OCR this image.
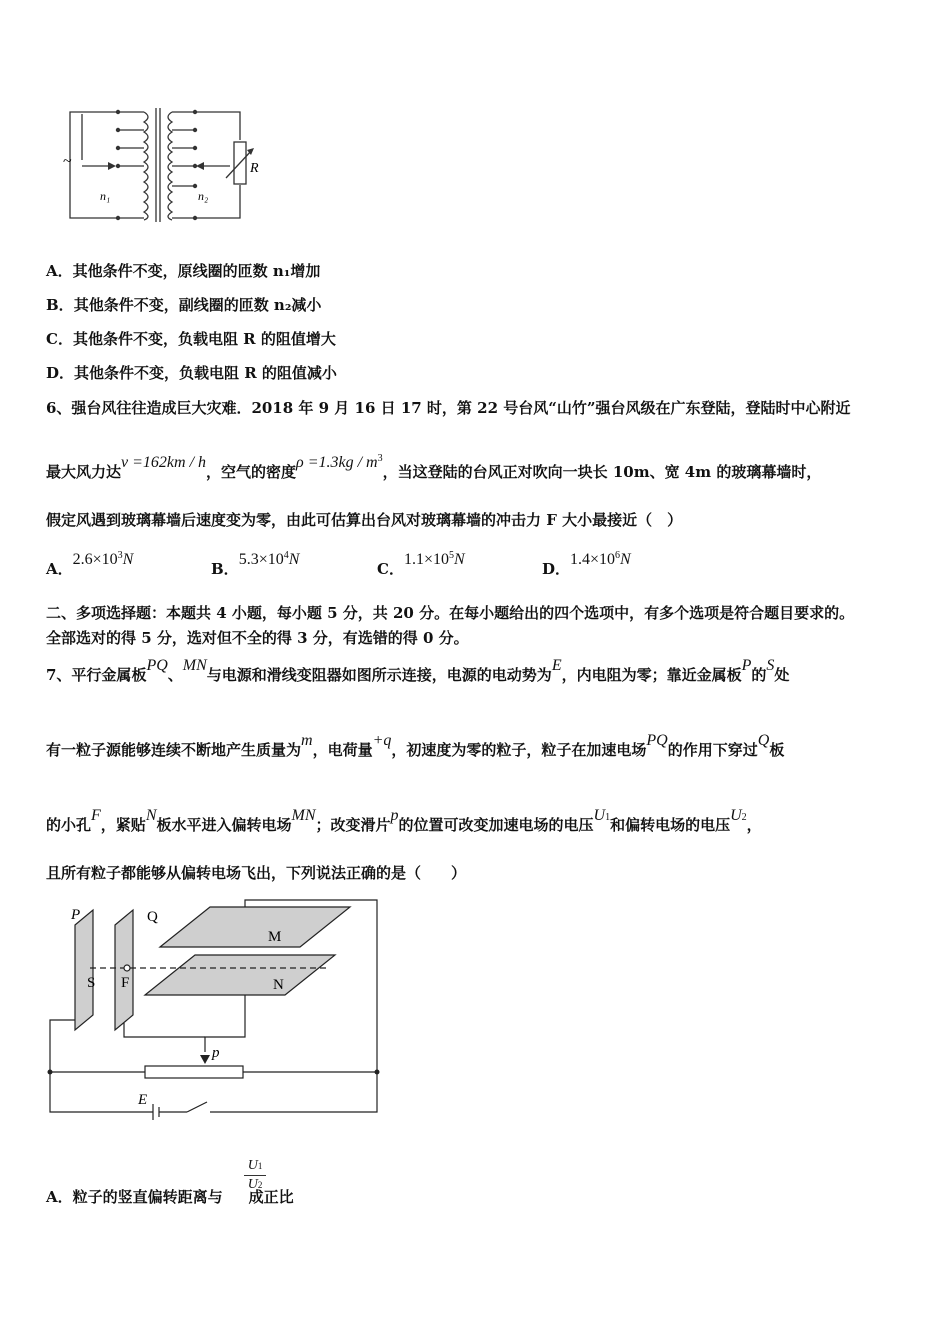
~
n₁	n₂
R
A．其他条件不变，原线圈的匝数 n₁增加
B．其他条件不变，副线圈的匝数 n₂减小
C．其他条件不变，负载电阻 R 的阻值增大
D．其他条件不变，负载电阻 R 的阻值减小
6、强台风往往造成巨大灾难．2018 年 9 月 16 日 17 时，第 22 号台风“山竹”强台风级在广东登陆，登陆时中心附近
最大风力达v =162km / h，空气的密度$\rho =1.3kg / m^3$，当这登陆的台风正对吹向一块长 10m、宽 4m 的玻璃幕墙时，
假定风遇到玻璃幕墙后速度变为零，由此可估算出台风对玻璃幕墙的冲击力 F 大小最接近（　）
A．$2.6\times 10^3N$
B．$5.3\times 10^4N$
C．$1.1\times 10^5N$
D．$1.4\times 10^6N$
二、多项选择题：本题共 4 小题，每小题 5 分，共 20 分。在每小题给出的四个选项中，有多个选项是符合题目要求的。
全部选对的得 5 分，选对但不全的得 3 分，有选错的得 0 分。
7、平行金属板PQ、MN与电源和滑线变阻器如图所示连接，电源的电动势为E，内电阻为零；靠近金属板P的S处
有一粒子源能够连续不断地产生质量为m，电荷量+q，初速度为零的粒子，粒子在加速电场PQ的作用下穿过Q板
的小孔F，紧贴N板水平进入偏转电场MN；改变滑片p的位置可改变加速电场的电压$U^1$和偏转电场的电压$U^2$，
且所有粒子都能够从偏转电场飞出，下列说法正确的是（　　）
P	Q
M
N
S F
p
E
A．粒子的竖直偏转距离与 成正比
U1
U2
